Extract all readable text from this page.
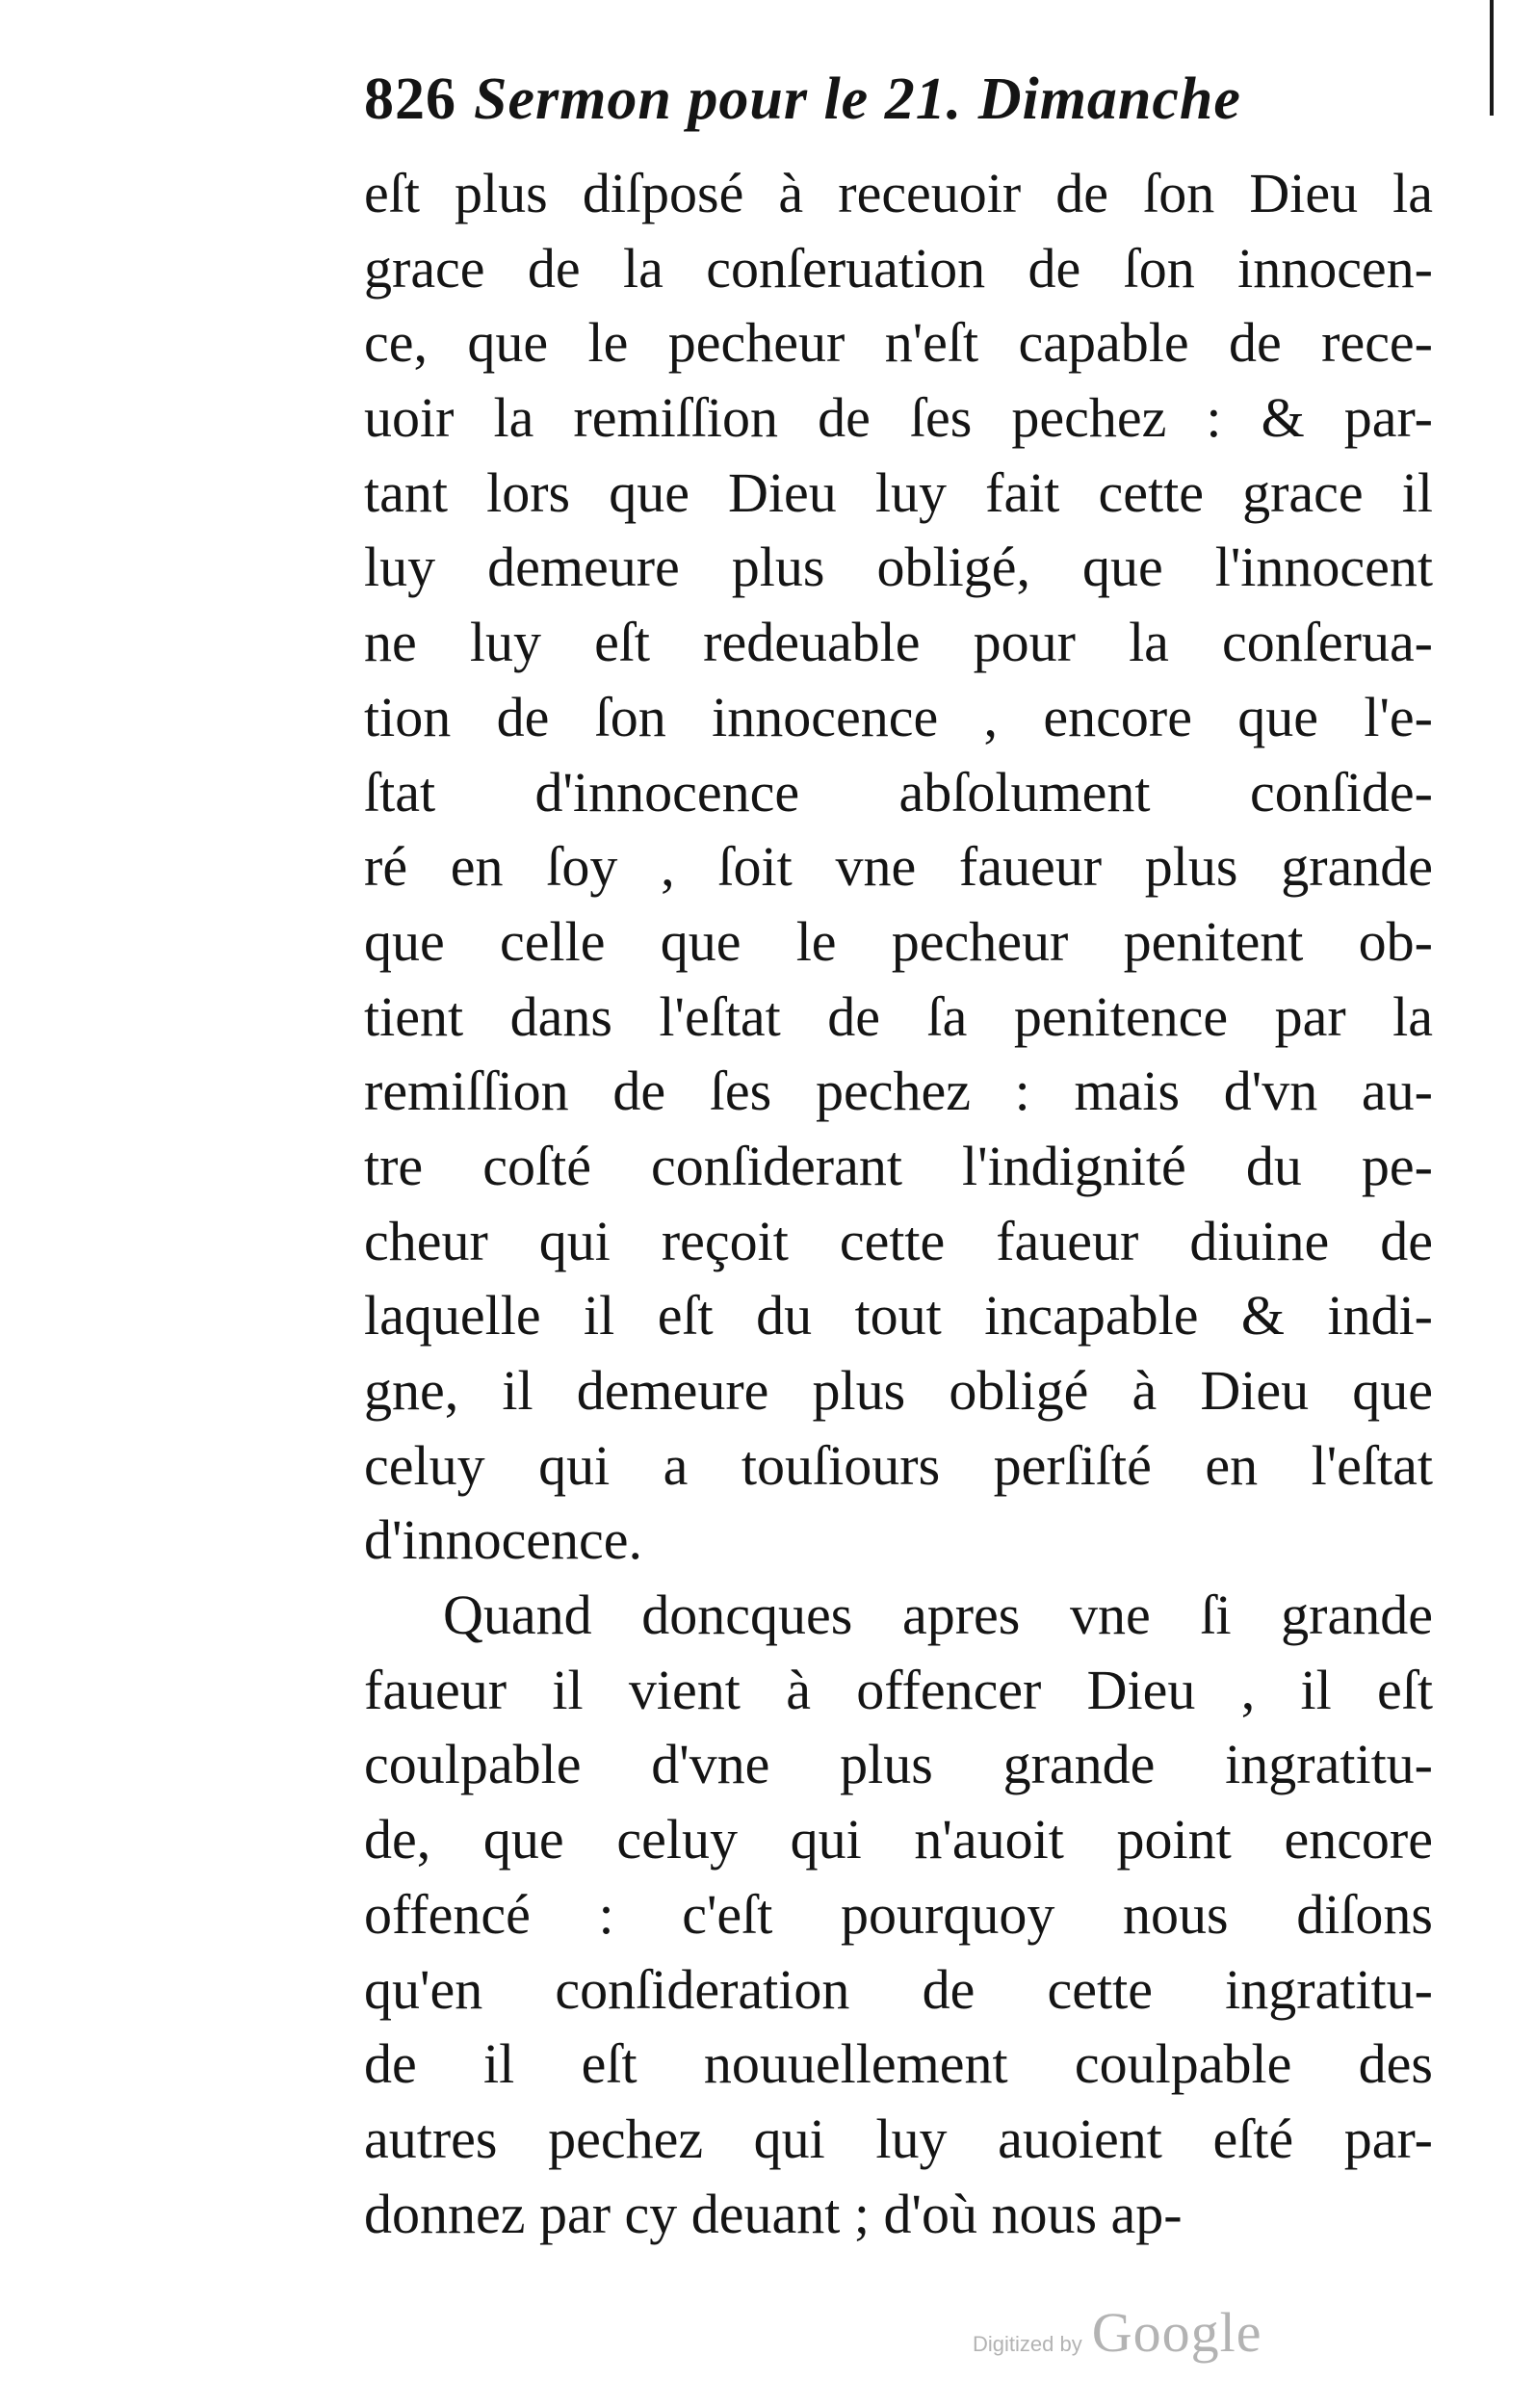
826 Sermon pour le 21. Dimanche
eſt plus diſposé à receuoir de ſon Dieu la
grace de la conſeruation de ſon innocen-
ce, que le pecheur n'eſt capable de rece-
uoir la remiſſion de ſes pechez : & par-
tant lors que Dieu luy fait cette grace il
luy demeure plus obligé, que l'innocent
ne luy eſt redeuable pour la conſerua-
tion de ſon innocence , encore que l'e-
ſtat d'innocence abſolument conſide-
ré en ſoy , ſoit vne faueur plus grande
que celle que le pecheur penitent ob-
tient dans l'eſtat de ſa penitence par la
remiſſion de ſes pechez : mais d'vn au-
tre coſté conſiderant l'indignité du pe-
cheur qui reçoit cette faueur diuine de
laquelle il eſt du tout incapable & indi-
gne, il demeure plus obligé à Dieu que
celuy qui a touſiours perſiſté en l'eſtat
d'innocence.
Quand doncques apres vne ſi grande
faueur il vient à offencer Dieu , il eſt
coulpable d'vne plus grande ingratitu-
de, que celuy qui n'auoit point encore
offencé : c'eſt pourquoy nous diſons
qu'en conſideration de cette ingratitu-
de il eſt nouuellement coulpable des
autres pechez qui luy auoient eſté par-
donnez par cy deuant ; d'où nous ap-
Digitized by Google
